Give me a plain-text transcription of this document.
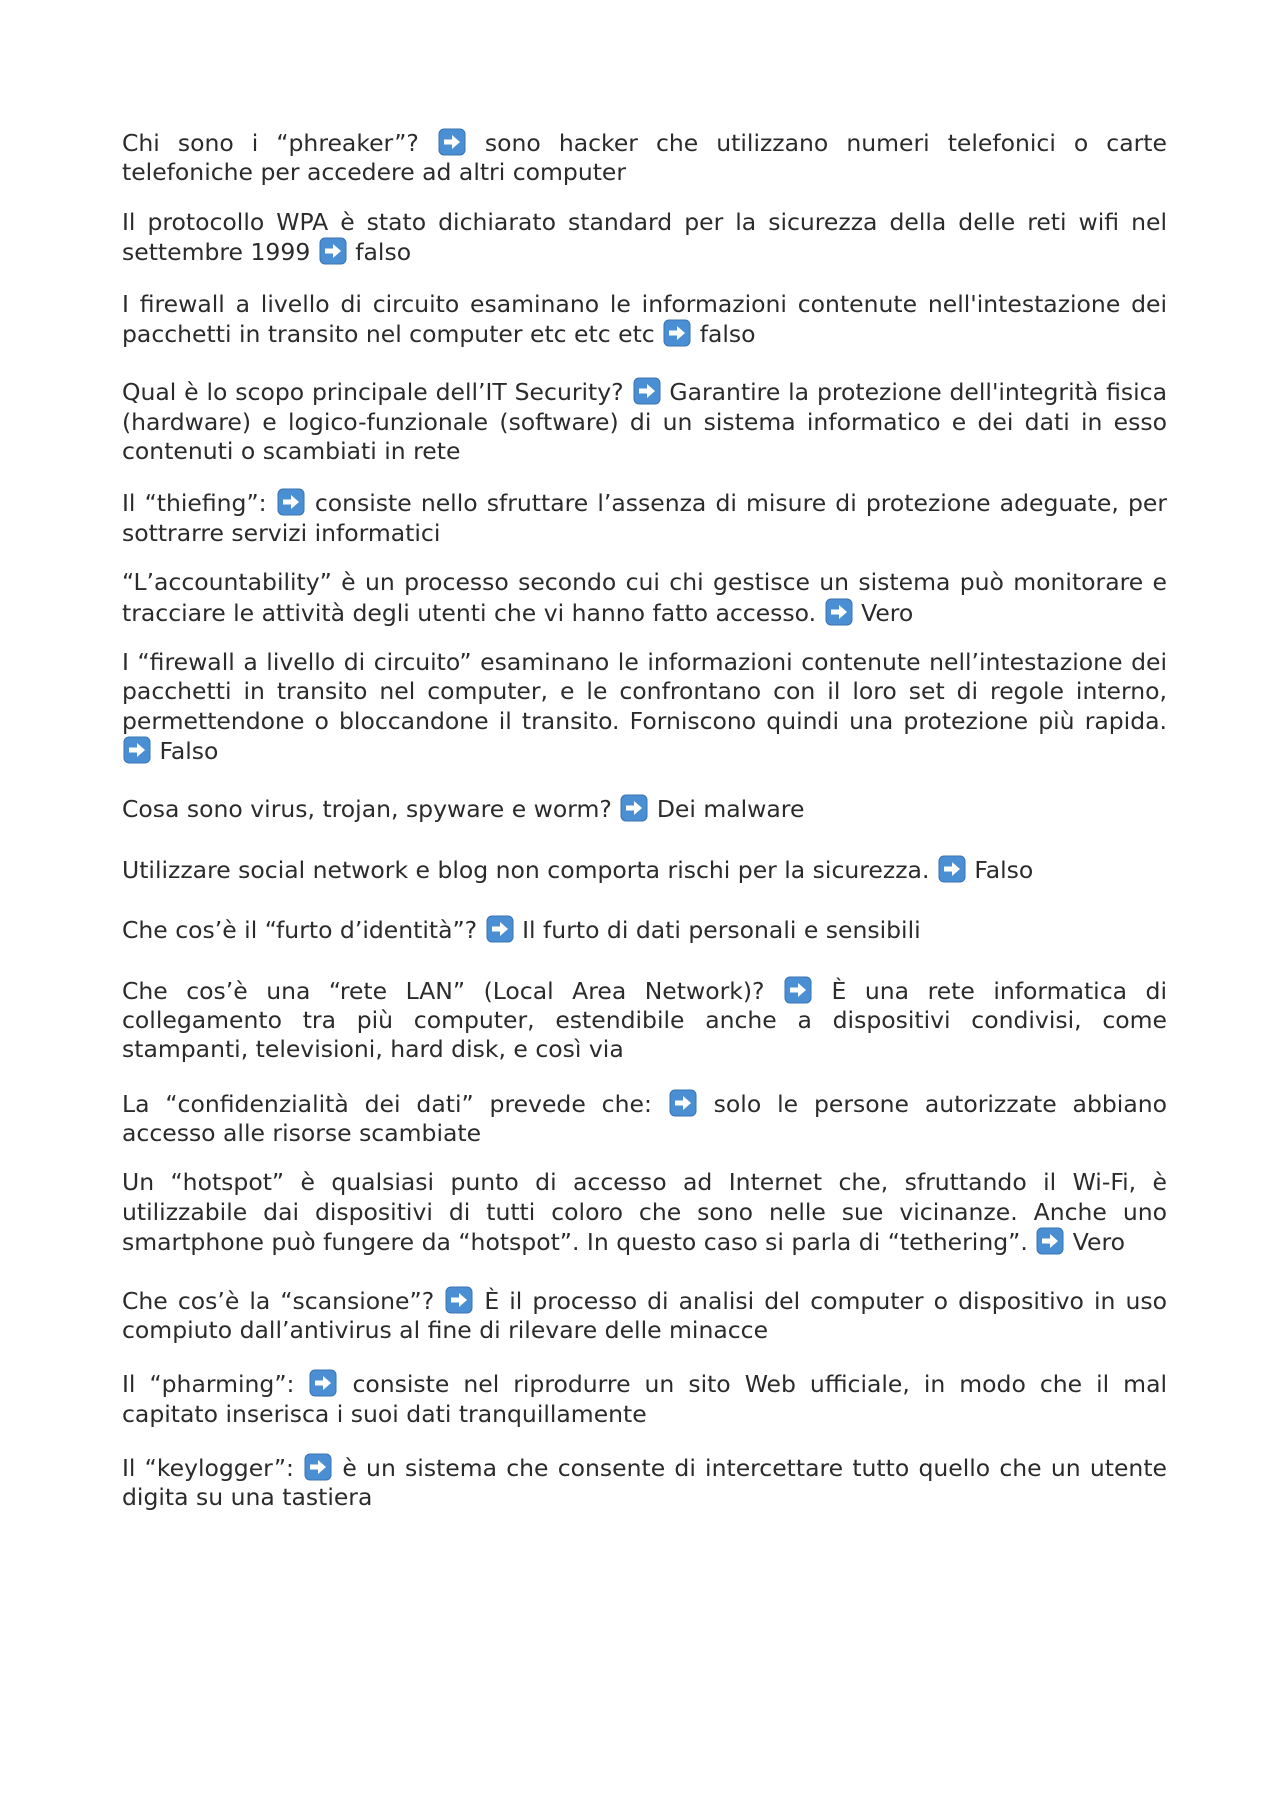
Chi sono i “phreaker”?	sono hacker che utilizzano numeri telefonici o carte telefoniche per accedere ad altri computer

Il protocollo WPA è stato dichiarato standard per la sicurezza della delle reti wifi nel settembre 1999 falso

I firewall a livello di circuito esaminano le informazioni contenute nell'intestazione dei pacchetti in transito nel computer etc etc etc falso

Qual è lo scopo principale dell’IT Security? Garantire la protezione dell'integrità fisica (hardware) e logico-funzionale (software) di un sistema informatico e dei dati in esso contenuti o scambiati in rete

Il “thiefing”: consiste nello sfruttare l’assenza di misure di protezione adeguate, per sottrarre servizi informatici

“L’accountability” è un processo secondo cui chi gestisce un sistema può monitorare e tracciare le attività degli utenti che vi hanno fatto accesso. Vero

I “firewall a livello di circuito” esaminano le informazioni contenute nell’intestazione dei pacchetti in transito nel computer, e le confrontano con il loro set di regole interno, permettendone o bloccandone il transito. Forniscono quindi una protezione più rapida.
Falso

Cosa sono virus, trojan, spyware e worm? Dei malware

Utilizzare social network e blog non comporta rischi per la sicurezza. Falso

Che cos’è il “furto d’identità”? Il furto di dati personali e sensibili

Che cos’è una “rete LAN” (Local Area Network)?	È una rete informatica di collegamento tra più computer, estendibile anche a dispositivi condivisi, come stampanti, televisioni, hard disk, e così via

La “confidenzialità dei dati” prevede che:	solo le persone autorizzate abbiano accesso alle risorse scambiate

Un “hotspot” è qualsiasi punto di accesso ad Internet che, sfruttando il Wi-Fi, è utilizzabile dai dispositivi di tutti coloro che sono nelle sue vicinanze. Anche uno smartphone può fungere da “hotspot”. In questo caso si parla di “tethering”. Vero

Che cos’è la “scansione”? È il processo di analisi del computer o dispositivo in uso compiuto dall’antivirus al fine di rilevare delle minacce

Il “pharming”: consiste nel riprodurre un sito Web ufficiale, in modo che il mal capitato inserisca i suoi dati tranquillamente

Il “keylogger”: è un sistema che consente di intercettare tutto quello che un utente digita su una tastiera
